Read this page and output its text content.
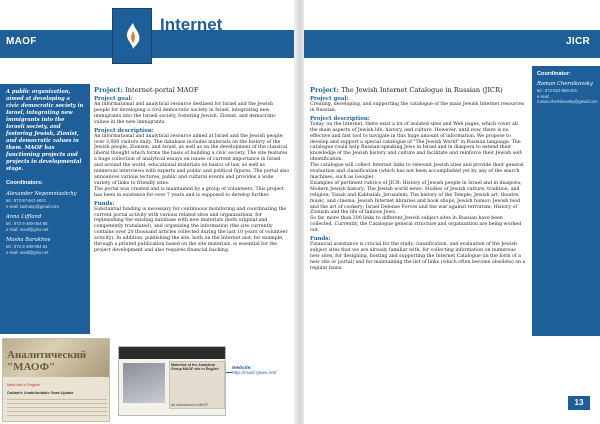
MAOF
Internet
projects
A public organization, aimed at developing a civic democratic society in Israel, integrating new immigrants into the Israeli society, and fostering Jewish, Zionist, and democratic values in them. MAOF has functioning projects and projects in developmental stage.
Coordinators:
Alexander Nepomniashchy
tel.: 972-57-641-4621
e-mail: sashanp@gmail.com
Anna Liffland
tel.: 972-3-490-064-86
e-mail: maof@gmx.net
Masha Barukhov
tel.: 972-3-490-084-84
e-mail: maof@gmx.net
Project: Internet-portal MAOF
Project goal:
An informational and analytical resource destined for Israel and the Jewish people for developing a civil democratic society in Israel, integrating new immigrants into the Israeli society, fostering Jewish, Zionist, and democratic values in the new immigrants.
Project description:
An informational and analytical resource aimed at Israel and the Jewish people; over 3,000 visitors daily. The database includes materials on the history of the Jewish people, Zionism, and Israel, as well as on the development of the classical liberal thought which forms the basis of building a civic society. The site features a huge collection of analytical essays on issues of current importance in Israel and around the world, educational materials on basics of law, as well as numerous interviews with experts and public and political figures. The portal also announces various lectures, public and cultural events and provides a wide variety of links to friendly sites.
The portal was created and is maintained by a group of volunteers. This project has been in existence for over 7 years and is supposed to develop further.
Funds:
Substantial funding is necessary for continuous monitoring and coordinating the current portal activity with various related sites and organizations, for replenishing the existing database with new materials (both original and competently translated), and organizing the information (the site currently contains over 20 thousand articles collected during the last 10 years of volunteer activity). In addition, publishing the site, both on the Internet and, for example, through a printed publication based on the site materials, is essential for the project development and also requires financial backing.
Аналитический "МАОФ"
Maof site in English
Outlaw's Unattributable Gaza Update
Materials of the Analytical Group MAOF site in English
An introduction to MAOF
Website:
http://maof.rjews.net/
JICR
Coordinator:
Roman Chernikovsky
tel.: 972-522-858-421
e-mail: roman.chernikovsky@gmail.com
Project: The Jewish Internet Catalogue in Russian (JICR)
Project goal:
Creating, developing, and supporting the catalogue of the main Jewish Internet resources in Russian.
Project description:
Today, on the Internet, there exist a lot of isolated sites and Web pages, which cover all the main aspects of Jewish life, history, and culture. However, until now, there is no effective and fast tool to navigate in this huge amount of information. We propose to develop and support a special catalogue of "The Jewish World" in Russian language. The catalogue could help Russian-speaking Jews in Israel and in diaspora to extend their knowledge of the Jewish history and culture and facilitate and reinforce their Jewish self-identification.
The catalogue will collect Internet links to relevant Jewish sites and provide their general evaluation and classification (which has not been accomplished yet by any of the search machines, such as Google).
Examples of pertinent rubrics of JICR: History of Jewish people in Israel and in diaspora; Modern Jewish history; The Jewish world news; Studies of Jewish culture, tradition, and religion; Tanah and Kabbalah; Jerusalem; The history of the Temple; Jewish art, theatre, music, and cinema; Jewish Internet libraries and book shops; Jewish humor; Jewish food and the art of cookery; Israel Defense Forces and the war against terrorism; History of Zionism and the life of famous Jews.
So far, more than 200 links to different Jewish subject sites in Russian have been collected. Currently, the Catalogue general structure and organization are being worked out.
Funds:
Financial assistance is crucial for the study, classification, and evaluation of the Jewish-subject sites that we are already familiar with, for collecting information on numerous new sites, for designing, hosting and supporting the Internet Catalogue (in the form of a new site or portal) and for maintaining the list of links (which often become obsolete) on a regular basis.
13
